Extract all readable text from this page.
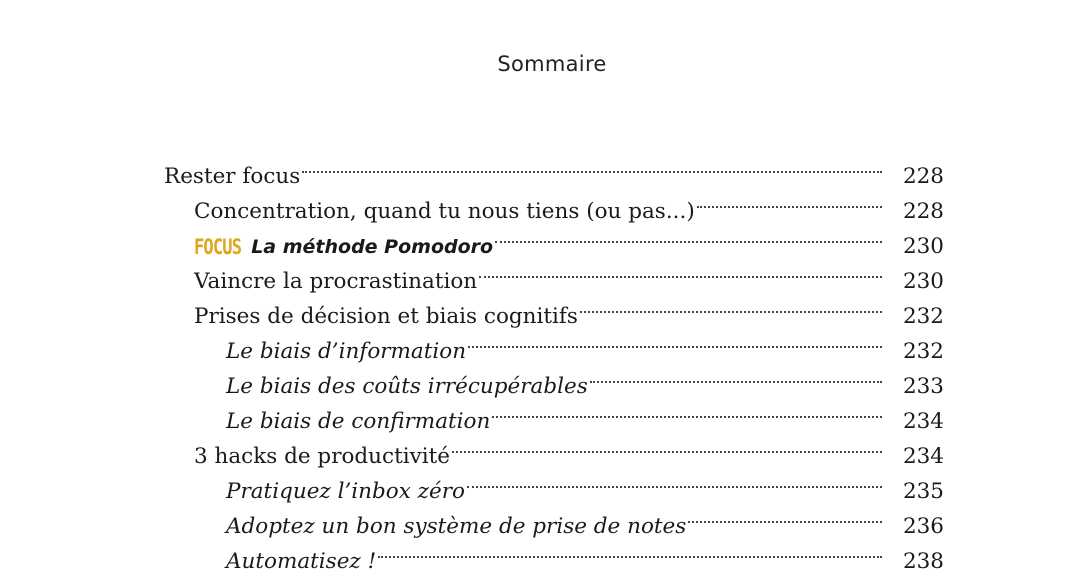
Sommaire
Rester focus	228
Concentration, quand tu nous tiens (ou pas...)	228
FOCUS La méthode Pomodoro	230
Vaincre la procrastination	230
Prises de décision et biais cognitifs	232
Le biais d’information	232
Le biais des coûts irrécupérables	233
Le biais de confirmation	234
3 hacks de productivité	234
Pratiquez l’inbox zéro	235
Adoptez un bon système de prise de notes	236
Automatisez !	238
